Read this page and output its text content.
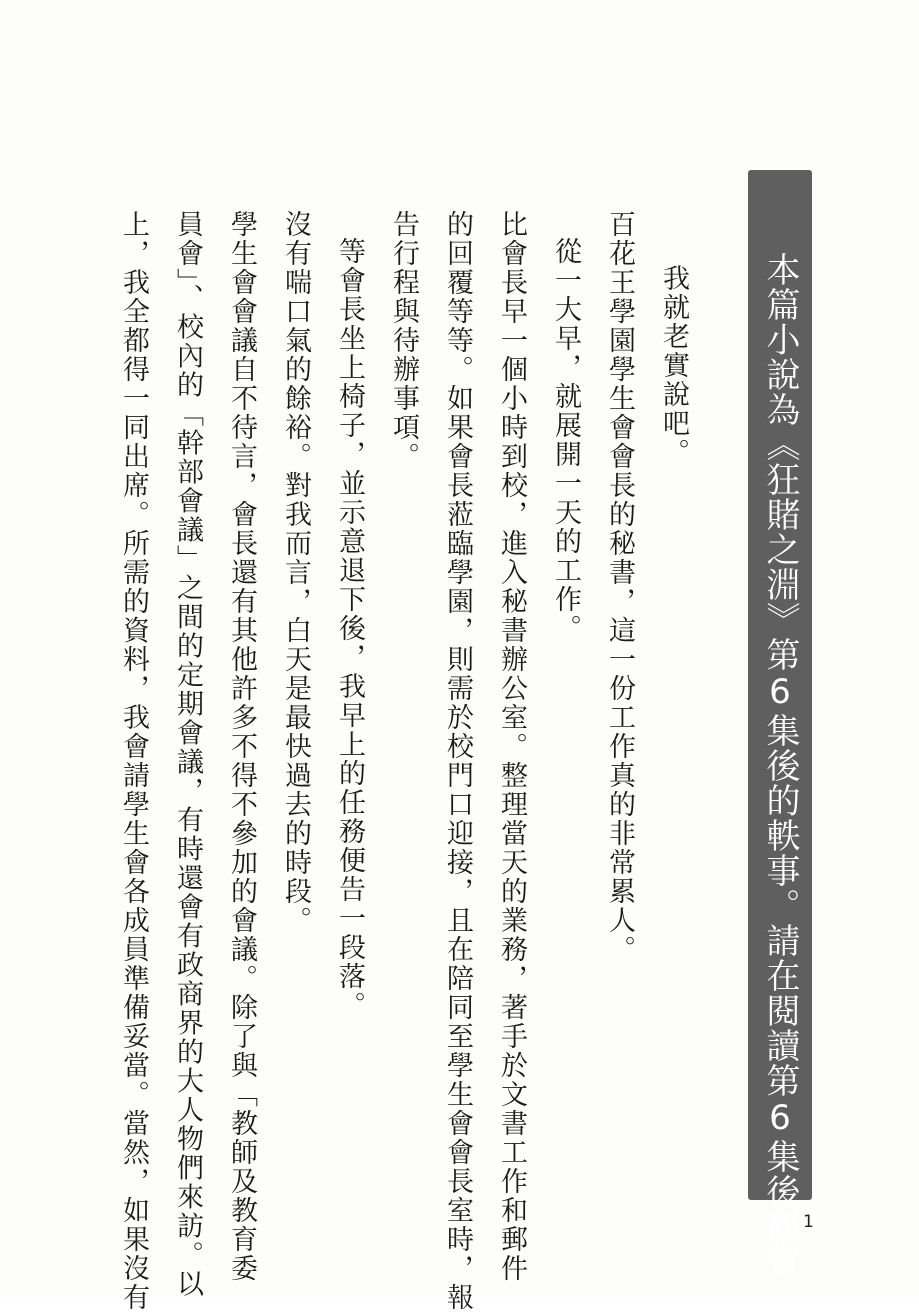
本篇小說為《狂賭之淵》第6集後的軼事。請在閱讀第6集後觀賞。

我就老實說吧。

百花王學園學生會會長的秘書，這一份工作真的非常累人。

從一大早，就展開一天的工作。

比會長早一個小時到校，進入秘書辦公室。整理當天的業務，著手於文書工作和郵件

的回覆等等。如果會長蒞臨學園，則需於校門口迎接，且在陪同至學生會會長室時，報

告行程與待辦事項。

等會長坐上椅子，並示意退下後，我早上的任務便告一段落。

沒有喘口氣的餘裕。對我而言，白天是最快過去的時段。

學生會會議自不待言，會長還有其他許多不得不參加的會議。除了與「教師及教育委

員會」、校內的「幹部會議」之間的定期會議，有時還會有政商界的大人物們來訪。以

上，我全都得一同出席。所需的資料，我會請學生會各成員準備妥當。當然，如果沒有	1
